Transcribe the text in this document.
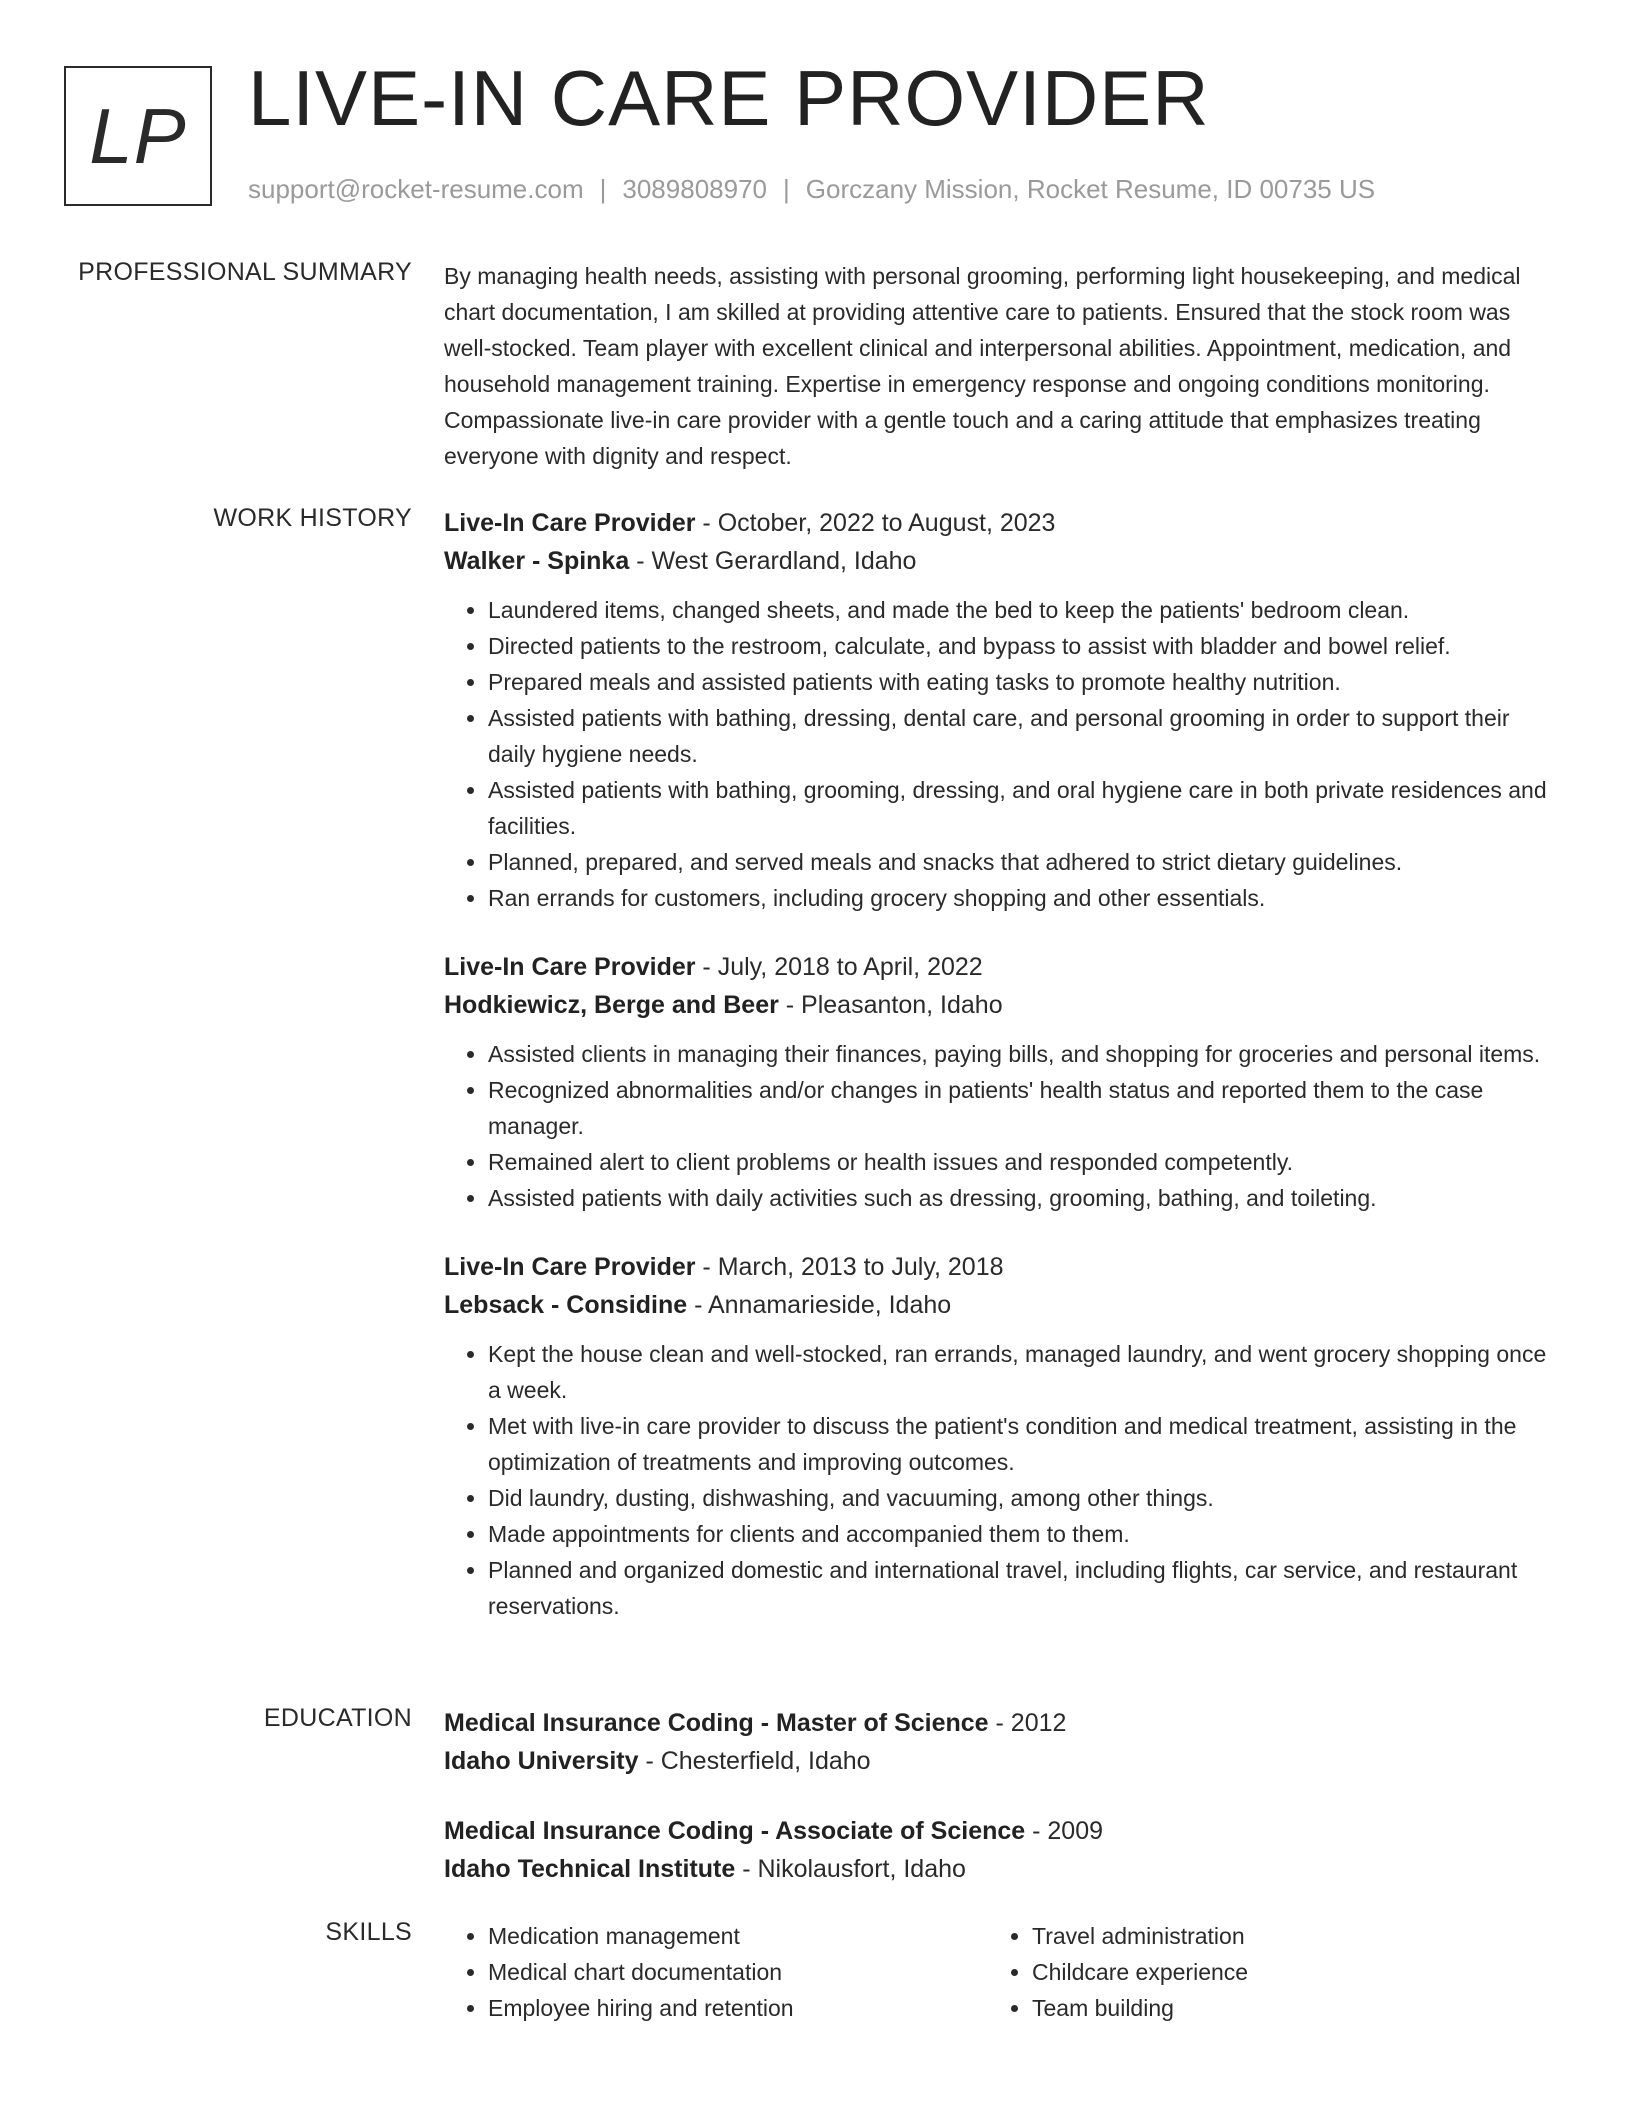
LP LIVE-IN CARE PROVIDER
support@rocket-resume.com | 3089808970 | Gorczany Mission, Rocket Resume, ID 00735 US
PROFESSIONAL SUMMARY By managing health needs, assisting with personal grooming, performing light housekeeping, and medical chart documentation, I am skilled at providing attentive care to patients. Ensured that the stock room was well-stocked. Team player with excellent clinical and interpersonal abilities. Appointment, medication, and household management training. Expertise in emergency response and ongoing conditions monitoring. Compassionate live-in care provider with a gentle touch and a caring attitude that emphasizes treating everyone with dignity and respect.

WORK HISTORY Live-In Care Provider - October, 2022 to August, 2023
Walker - Spinka - West Gerardland, Idaho
• Laundered items, changed sheets, and made the bed to keep the patients' bedroom clean.
• Directed patients to the restroom, calculate, and bypass to assist with bladder and bowel relief.
• Prepared meals and assisted patients with eating tasks to promote healthy nutrition.
• Assisted patients with bathing, dressing, dental care, and personal grooming in order to support their daily hygiene needs.
• Assisted patients with bathing, grooming, dressing, and oral hygiene care in both private residences and facilities.
• Planned, prepared, and served meals and snacks that adhered to strict dietary guidelines.
• Ran errands for customers, including grocery shopping and other essentials.
Live-In Care Provider - July, 2018 to April, 2022
Hodkiewicz, Berge and Beer - Pleasanton, Idaho
• Assisted clients in managing their finances, paying bills, and shopping for groceries and personal items.
• Recognized abnormalities and/or changes in patients' health status and reported them to the case manager.
• Remained alert to client problems or health issues and responded competently.
• Assisted patients with daily activities such as dressing, grooming, bathing, and toileting.
Live-In Care Provider - March, 2013 to July, 2018
Lebsack - Considine - Annamarieside, Idaho
• Kept the house clean and well-stocked, ran errands, managed laundry, and went grocery shopping once a week.
• Met with live-in care provider to discuss the patient's condition and medical treatment, assisting in the optimization of treatments and improving outcomes.
• Did laundry, dusting, dishwashing, and vacuuming, among other things.
• Made appointments for clients and accompanied them to them.
• Planned and organized domestic and international travel, including flights, car service, and restaurant reservations.
EDUCATION Medical Insurance Coding - Master of Science - 2012
Idaho University - Chesterfield, Idaho
Medical Insurance Coding - Associate of Science - 2009
Idaho Technical Institute - Nikolausfort, Idaho
SKILLS
•	Medication management
• Medical chart documentation
• Employee hiring and retention
• Travel administration
• Childcare experience
• Team building
